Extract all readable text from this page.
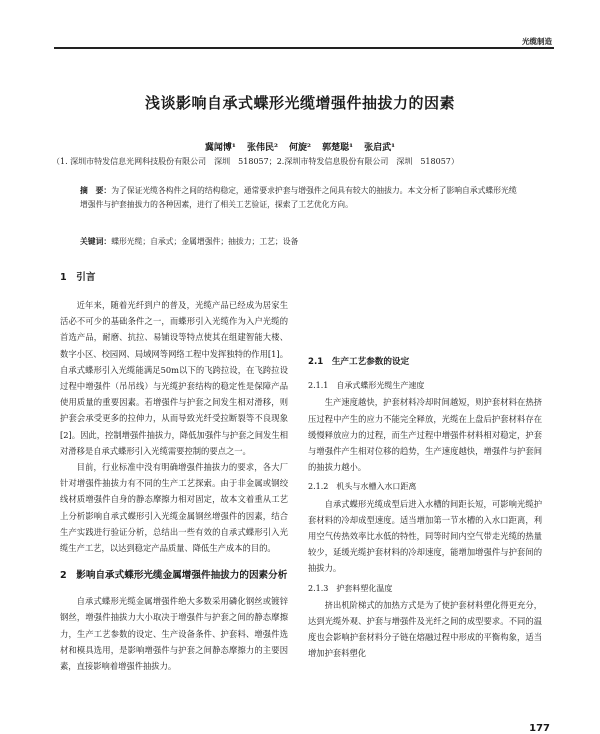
光缆制造
浅谈影响自承式蝶形光缆增强件抽拔力的因素
冀闻博¹ 张伟民² 何旋² 郭楚聪¹ 张启武¹
（1. 深圳市特发信息光网科技股份有限公司　深圳　518057；2.深圳市特发信息股份有限公司　深圳　518057）
摘　要：为了保证光缆各构件之间的结构稳定，通常要求护套与增强件之间具有较大的抽拔力。本文分析了影响自承式蝶形光缆增强件与护套抽拔力的各种因素，进行了相关工艺验证，探索了工艺优化方向。
关键词：蝶形光缆；自承式；金属增强件；抽拔力；工艺；设备
1　引言

近年来，随着光纤到户的普及，光缆产品已经成为居家生活必不可少的基础条件之一，而蝶形引入光缆作为入户光缆的首选产品，耐磨、抗拉、易铺设等特点使其在组建智能大楼、数字小区、校园网、局域网等网络工程中发挥独特的作用[1]。自承式蝶形引入光缆能满足50m以下的飞跨拉设，在飞跨拉设过程中增强件（吊吊线）与光缆护套结构的稳定性是保障产品使用质量的重要因素。若增强件与护套之间发生相对滑移，则护套会承受更多的拉伸力，从而导致光纤受拉断裂等不良现象[2]。因此，控制增强件抽拔力，降低加强件与护套之间发生相对滑移是自承式蝶形引入光缆需要控制的要点之一。

目前，行业标准中没有明确增强件抽拔力的要求，各大厂针对增强件抽拔力有不同的生产工艺探索。由于非金属或钢绞线材质增强件自身的静态摩擦力相对固定，故本文着重从工艺上分析影响自承式蝶形引入光缆金属钢丝增强件的因素，结合生产实践进行验证分析，总结出一些有效的自承式蝶形引入光缆生产工艺，以达到稳定产品质量、降低生产成本的目的。

2　影响自承式蝶形光缆金属增强件抽拔力的因素分析

自承式蝶形光缆金属增强件绝大多数采用磷化钢丝或镀锌钢丝，增强件抽拔力大小取决于增强件与护套之间的静态摩擦力，生产工艺参数的设定、生产设备条件、护套料、增强件选材和模具选用，是影响增强件与护套之间静态摩擦力的主要因素，直接影响着增强件抽拔力。

2.1　生产工艺参数的设定
2.1.1　自承式蝶形光缆生产速度

生产速度越快，护套材料冷却时间越短，则护套材料在热挤压过程中产生的应力不能完全释放，光缆在上盘后护套材料存在缓慢释放应力的过程，而生产过程中增强件材料相对稳定，护套与增强件产生相对位移的趋势，生产速度越快，增强件与护套间的抽拔力越小。

2.1.2　机头与水槽入水口距离

自承式蝶形光缆成型后进入水槽的间距长短，可影响光缆护套材料的冷却成型速度。适当增加第一节水槽的入水口距离，利用空气传热效率比水低的特性，同等时间内空气带走光缆的热量较少，延缓光缆护套材料的冷却速度，能增加增强件与护套间的抽拔力。

2.1.3　护套料塑化温度

挤出机阶梯式的加热方式是为了使护套材料塑化得更充分，达到光缆外观、护套与增强件及光纤之间的成型要求。不同的温度也会影响护套材料分子链在熔融过程中形成的平衡构象，适当增加护套料塑化

177
